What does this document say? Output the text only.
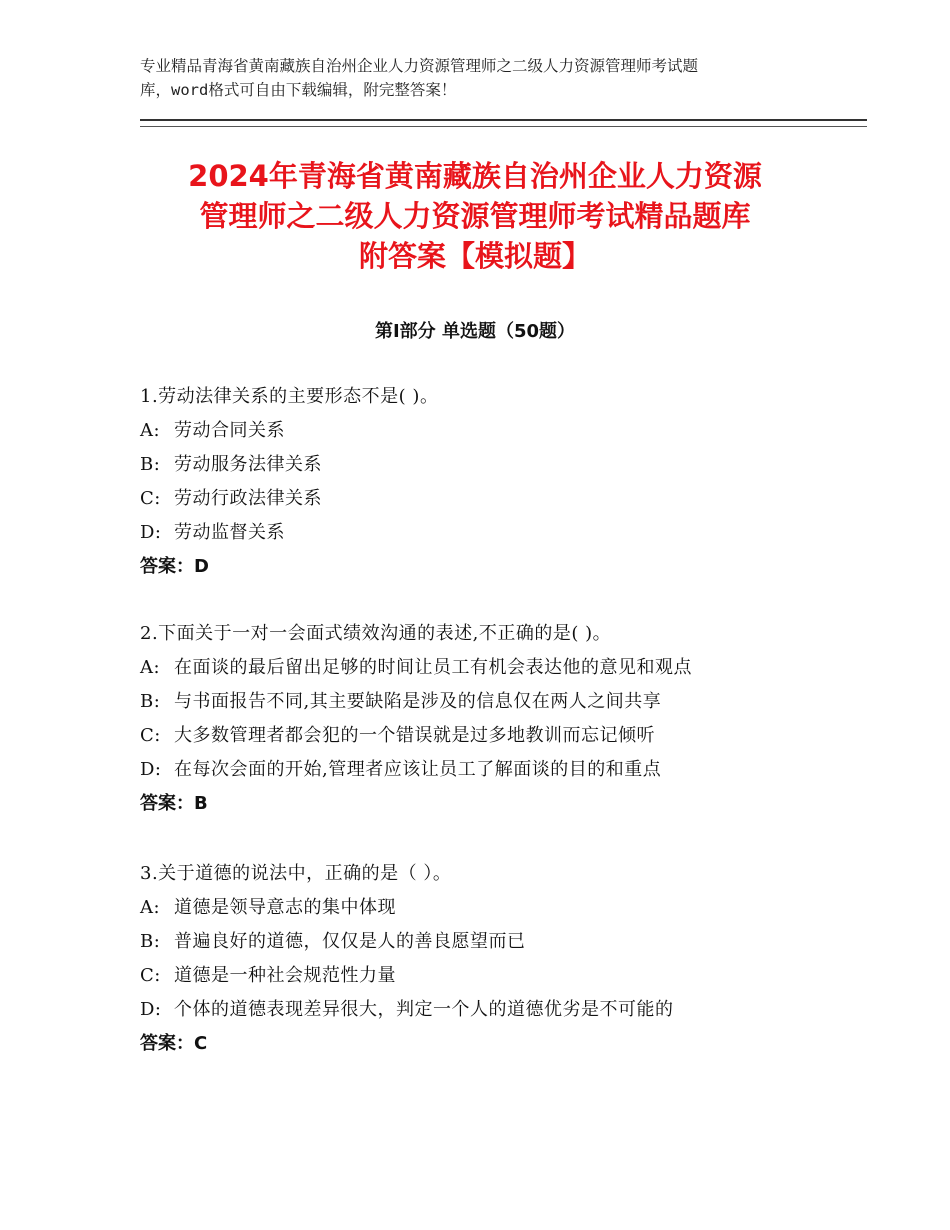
专业精品青海省黄南藏族自治州企业人力资源管理师之二级人力资源管理师考试题
库，word格式可自由下载编辑，附完整答案！
2024年青海省黄南藏族自治州企业人力资源
管理师之二级人力资源管理师考试精品题库
附答案【模拟题】
第Ⅰ部分 单选题（50题）
1.劳动法律关系的主要形态不是( )。
A: 劳动合同关系
B: 劳动服务法律关系
C: 劳动行政法律关系
D: 劳动监督关系
答案：D
2.下面关于一对一会面式绩效沟通的表述,不正确的是( )。
A: 在面谈的最后留出足够的时间让员工有机会表达他的意见和观点
B: 与书面报告不同,其主要缺陷是涉及的信息仅在两人之间共享
C: 大多数管理者都会犯的一个错误就是过多地教训而忘记倾听
D: 在每次会面的开始,管理者应该让员工了解面谈的目的和重点
答案：B
3.关于道德的说法中，正确的是（ ）。
A: 道德是领导意志的集中体现
B: 普遍良好的道德，仅仅是人的善良愿望而已
C: 道德是一种社会规范性力量
D: 个体的道德表现差异很大，判定一个人的道德优劣是不可能的
答案：C
